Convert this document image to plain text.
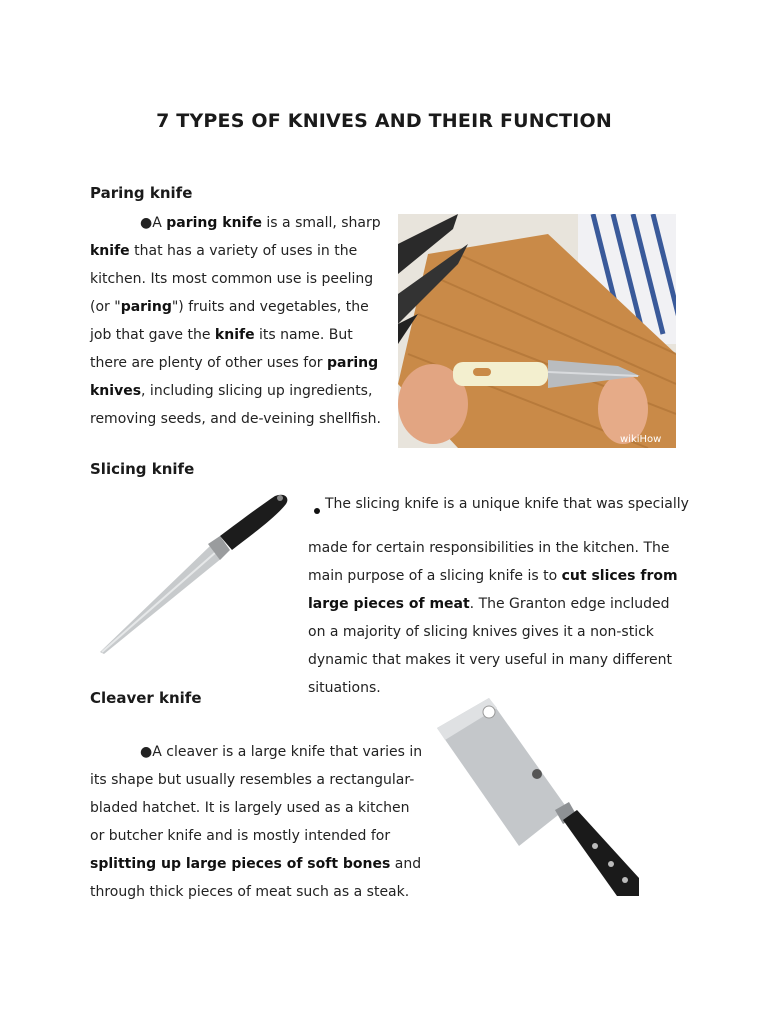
7 TYPES OF KNIVES AND THEIR FUNCTION
Paring knife
●A paring knife is a small, sharp knife that has a variety of uses in the kitchen. Its most common use is peeling (or "paring") fruits and vegetables, the job that gave the knife its name. But there are plenty of other uses for paring knives, including slicing up ingredients, removing seeds, and de-veining shellfish.
wikiHow
Slicing knife
The slicing knife is a unique knife that was specially
made for certain responsibilities in the kitchen. The main purpose of a slicing knife is to cut slices from large pieces of meat. The Granton edge included on a majority of slicing knives gives it a non-stick dynamic that makes it very useful in many different situations.
Cleaver knife
●A cleaver is a large knife that varies in its shape but usually resembles a rectangular-bladed hatchet. It is largely used as a kitchen or butcher knife and is mostly intended for splitting up large pieces of soft bones and through thick pieces of meat such as a steak.
